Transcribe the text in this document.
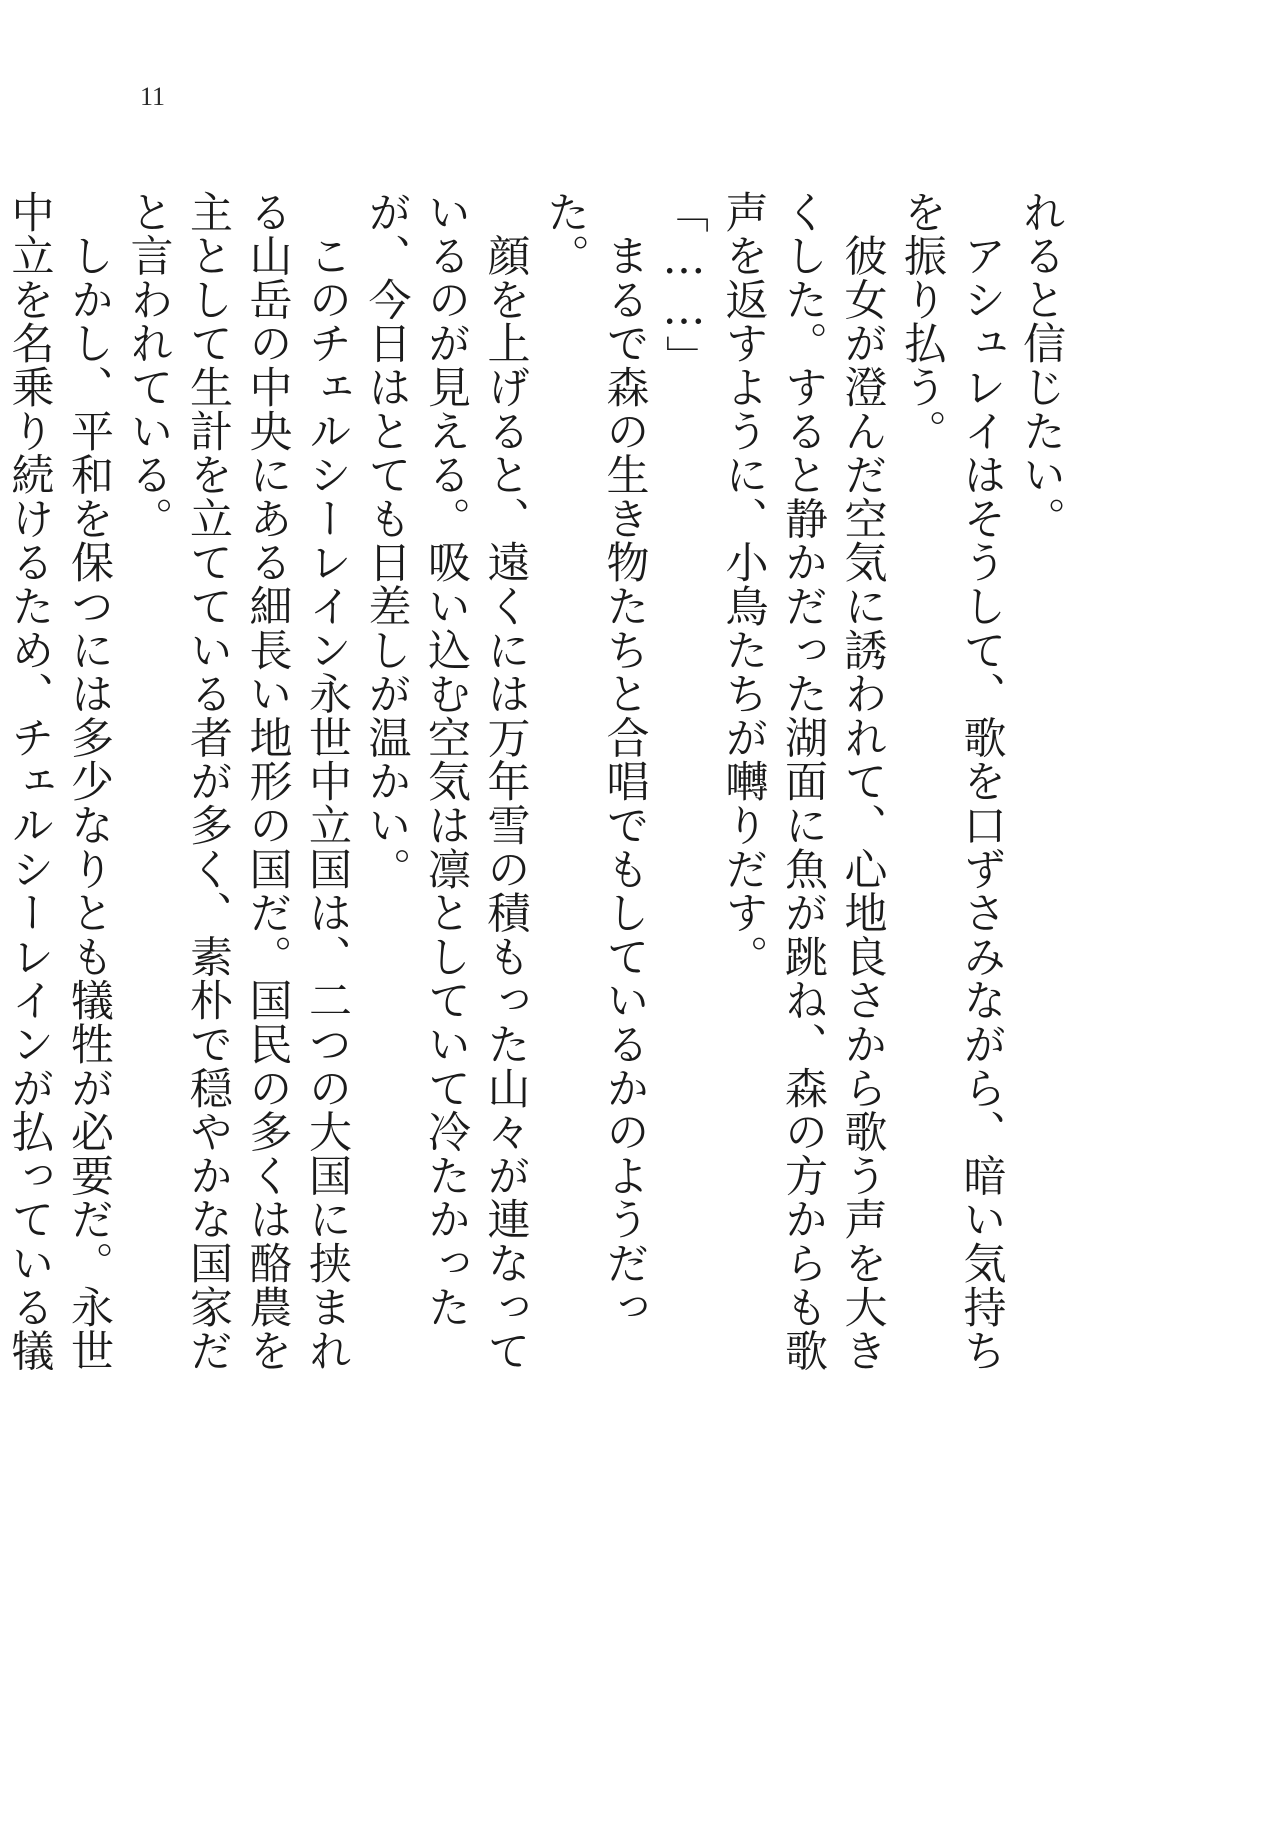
11

れると信じたい。

　アシュレイはそうして、歌を口ずさみながら、暗い気持ちを振り払う。

　彼女が澄んだ空気に誘われて、心地良さから歌う声を大きくした。すると静かだった湖面に魚が跳ね、森の方からも歌声を返すように、小鳥たちが囀りだす。

「……」

　まるで森の生き物たちと合唱でもしているかのようだった。

　顔を上げると、遠くには万年雪の積もった山々が連なっているのが見える。吸い込む空気は凛としていて冷たかったが、今日はとても日差しが温かい。

　このチェルシーレイン永世中立国は、二つの大国に挟まれる山岳の中央にある細長い地形の国だ。国民の多くは酪農を主として生計を立てている者が多く、素朴で穏やかな国家だと言われている。

　しかし、平和を保つには多少なりとも犠牲が必要だ。永世中立を名乗り続けるため、チェルシーレインが払っている犠
